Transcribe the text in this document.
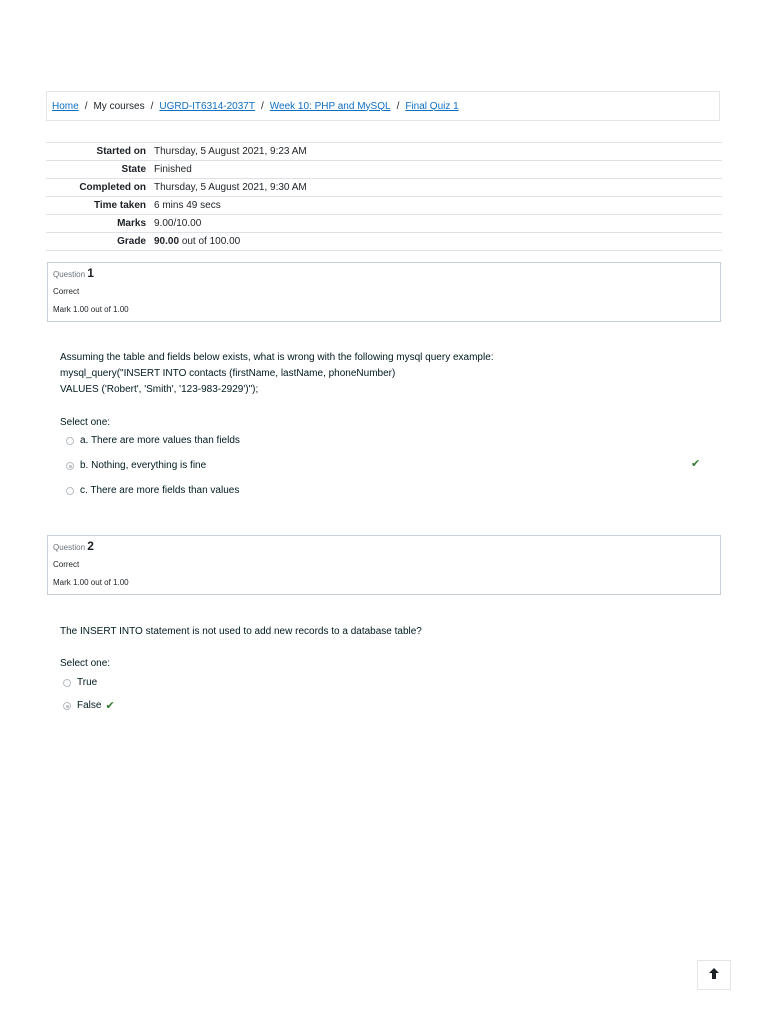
Home / My courses / UGRD-IT6314-2037T / Week 10: PHP and MySQL / Final Quiz 1
Started on	Thursday, 5 August 2021, 9:23 AM
State	Finished
Completed on	Thursday, 5 August 2021, 9:30 AM
Time taken	6 mins 49 secs
Marks	9.00/10.00
Grade	90.00 out of 100.00
Question 1
Correct
Mark 1.00 out of 1.00
Assuming the table and fields below exists, what is wrong with the following mysql query example:
mysql_query("INSERT INTO contacts (firstName, lastName, phoneNumber)
VALUES ('Robert', 'Smith', '123-983-2929')");
Select one:
a. There are more values than fields
b. Nothing, everything is fine	✔
c. There are more fields than values
Question 2
Correct
Mark 1.00 out of 1.00
The INSERT INTO statement is not used to add new records to a database table?
Select one:
True
False ✔
